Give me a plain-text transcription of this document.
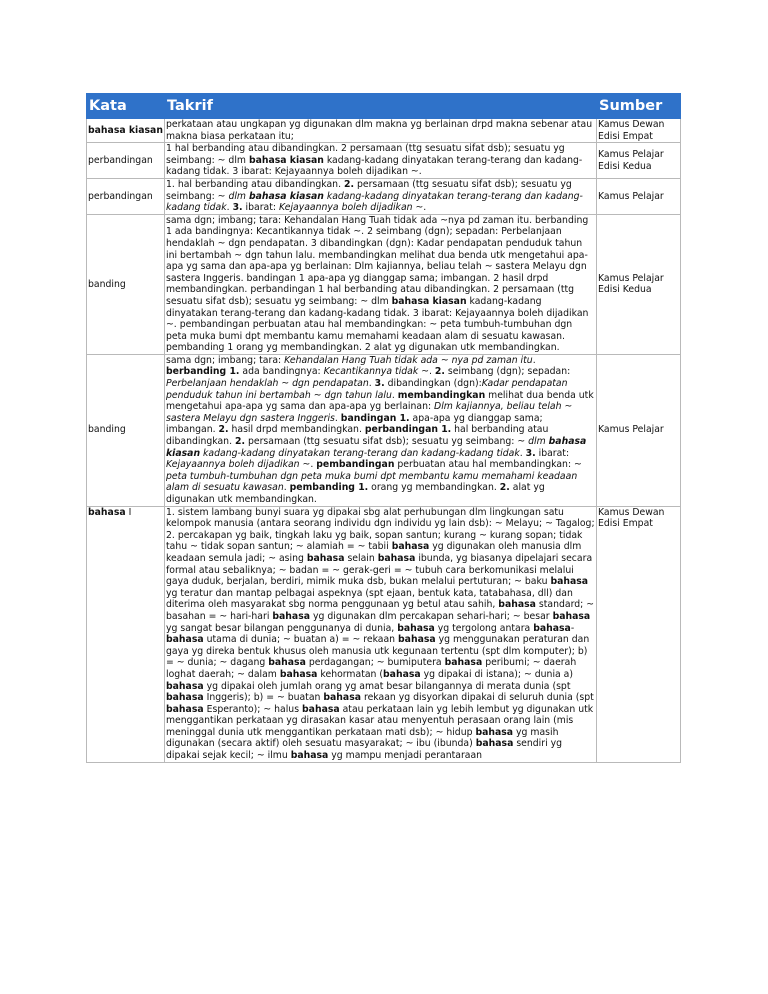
Kata	Takrif	Sumber
bahasa kiasan	perkataan atau ungkapan yg digunakan dlm makna yg berlainan drpd makna sebenar atau makna biasa perkataan itu;	Kamus Dewan Edisi Empat
perbandingan	1 hal berbanding atau dibandingkan. 2 persamaan (ttg sesuatu sifat dsb); sesuatu yg seimbang: ~ dlm bahasa kiasan kadang-kadang dinyatakan terang-terang dan kadang-kadang tidak. 3 ibarat: Kejayaannya boleh dijadikan ~.	Kamus Pelajar Edisi Kedua
perbandingan	1. hal berbanding atau dibandingkan. 2. persamaan (ttg sesuatu sifat dsb); sesuatu yg seimbang: ~ dlm bahasa kiasan kadang-kadang dinyatakan terang-terang dan kadang-kadang tidak. 3. ibarat: Kejayaannya boleh dijadikan ~.	Kamus Pelajar
banding	sama dgn; imbang; tara: Kehandalan Hang Tuah tidak ada ~nya pd zaman itu. berbanding 1 ada bandingnya: Kecantikannya tidak ~. 2 seimbang (dgn); sepadan: Perbelanjaan hendaklah ~ dgn pendapatan. 3 dibandingkan (dgn): Kadar pendapatan penduduk tahun ini bertambah ~ dgn tahun lalu. membandingkan melihat dua benda utk mengetahui apa-apa yg sama dan apa-apa yg berlainan: Dlm kajiannya, beliau telah ~ sastera Melayu dgn sastera Inggeris. bandingan 1 apa-apa yg dianggap sama; imbangan. 2 hasil drpd membandingkan. perbandingan 1 hal berbanding atau dibandingkan. 2 persamaan (ttg sesuatu sifat dsb); sesuatu yg seimbang: ~ dlm bahasa kiasan kadang-kadang dinyatakan terang-terang dan kadang-kadang tidak. 3 ibarat: Kejayaannya boleh dijadikan ~. pembandingan perbuatan atau hal membandingkan: ~ peta tumbuh-tumbuhan dgn peta muka bumi dpt membantu kamu memahami keadaan alam di sesuatu kawasan. pembanding 1 orang yg membandingkan. 2 alat yg digunakan utk membandingkan.	Kamus Pelajar Edisi Kedua
banding	sama dgn; imbang; tara: Kehandalan Hang Tuah tidak ada ~ nya pd zaman itu. berbanding 1. ada bandingnya: Kecantikannya tidak ~. 2. seimbang (dgn); sepadan: Perbelanjaan hendaklah ~ dgn pendapatan. 3. dibandingkan (dgn):Kadar pendapatan penduduk tahun ini bertambah ~ dgn tahun lalu. membandingkan melihat dua benda utk mengetahui apa-apa yg sama dan apa-apa yg berlainan: Dlm kajiannya, beliau telah ~ sastera Melayu dgn sastera Inggeris. bandingan 1. apa-apa yg dianggap sama; imbangan. 2. hasil drpd membandingkan. perbandingan 1. hal berbanding atau dibandingkan. 2. persamaan (ttg sesuatu sifat dsb); sesuatu yg seimbang: ~ dlm bahasa kiasan kadang-kadang dinyatakan terang-terang dan kadang-kadang tidak. 3. ibarat: Kejayaannya boleh dijadikan ~. pembandingan perbuatan atau hal membandingkan: ~ peta tumbuh-tumbuhan dgn peta muka bumi dpt membantu kamu memahami keadaan alam di sesuatu kawasan. pembanding 1. orang yg membandingkan. 2. alat yg digunakan utk membandingkan.	Kamus Pelajar
bahasa I	1. sistem lambang bunyi suara yg dipakai sbg alat perhubungan dlm lingkungan satu kelompok manusia (antara seorang individu dgn individu yg lain dsb): ~ Melayu; ~ Tagalog; 2. percakapan yg baik, tingkah laku yg baik, sopan santun; kurang ~ kurang sopan; tidak tahu ~ tidak sopan santun; ~ alamiah = ~ tabii bahasa yg digunakan oleh manusia dlm keadaan semula jadi; ~ asing bahasa selain bahasa ibunda, yg biasanya dipelajari secara formal atau sebaliknya; ~ badan = ~ gerak-geri = ~ tubuh cara berkomunikasi melalui gaya duduk, berjalan, berdiri, mimik muka dsb, bukan melalui pertuturan; ~ baku bahasa yg teratur dan mantap pelbagai aspeknya (spt ejaan, bentuk kata, tatabahasa, dll) dan diterima oleh masyarakat sbg norma penggunaan yg betul atau sahih, bahasa standard; ~ basahan = ~ hari-hari bahasa yg digunakan dlm percakapan sehari-hari; ~ besar bahasa yg sangat besar bilangan penggunanya di dunia, bahasa yg tergolong antara bahasa-bahasa utama di dunia; ~ buatan a) = ~ rekaan bahasa yg menggunakan peraturan dan gaya yg direka bentuk khusus oleh manusia utk kegunaan tertentu (spt dlm komputer); b) = ~ dunia; ~ dagang bahasa perdagangan; ~ bumiputera bahasa peribumi; ~ daerah loghat daerah; ~ dalam bahasa kehormatan (bahasa yg dipakai di istana); ~ dunia a) bahasa yg dipakai oleh jumlah orang yg amat besar bilangannya di merata dunia (spt bahasa Inggeris); b) = ~ buatan bahasa rekaan yg disyorkan dipakai di seluruh dunia (spt bahasa Esperanto); ~ halus bahasa atau perkataan lain yg lebih lembut yg digunakan utk menggantikan perkataan yg dirasakan kasar atau menyentuh perasaan orang lain (mis meninggal dunia utk menggantikan perkataan mati dsb); ~ hidup bahasa yg masih digunakan (secara aktif) oleh sesuatu masyarakat; ~ ibu (ibunda) bahasa sendiri yg dipakai sejak kecil; ~ ilmu bahasa yg mampu menjadi perantaraan	Kamus Dewan Edisi Empat
